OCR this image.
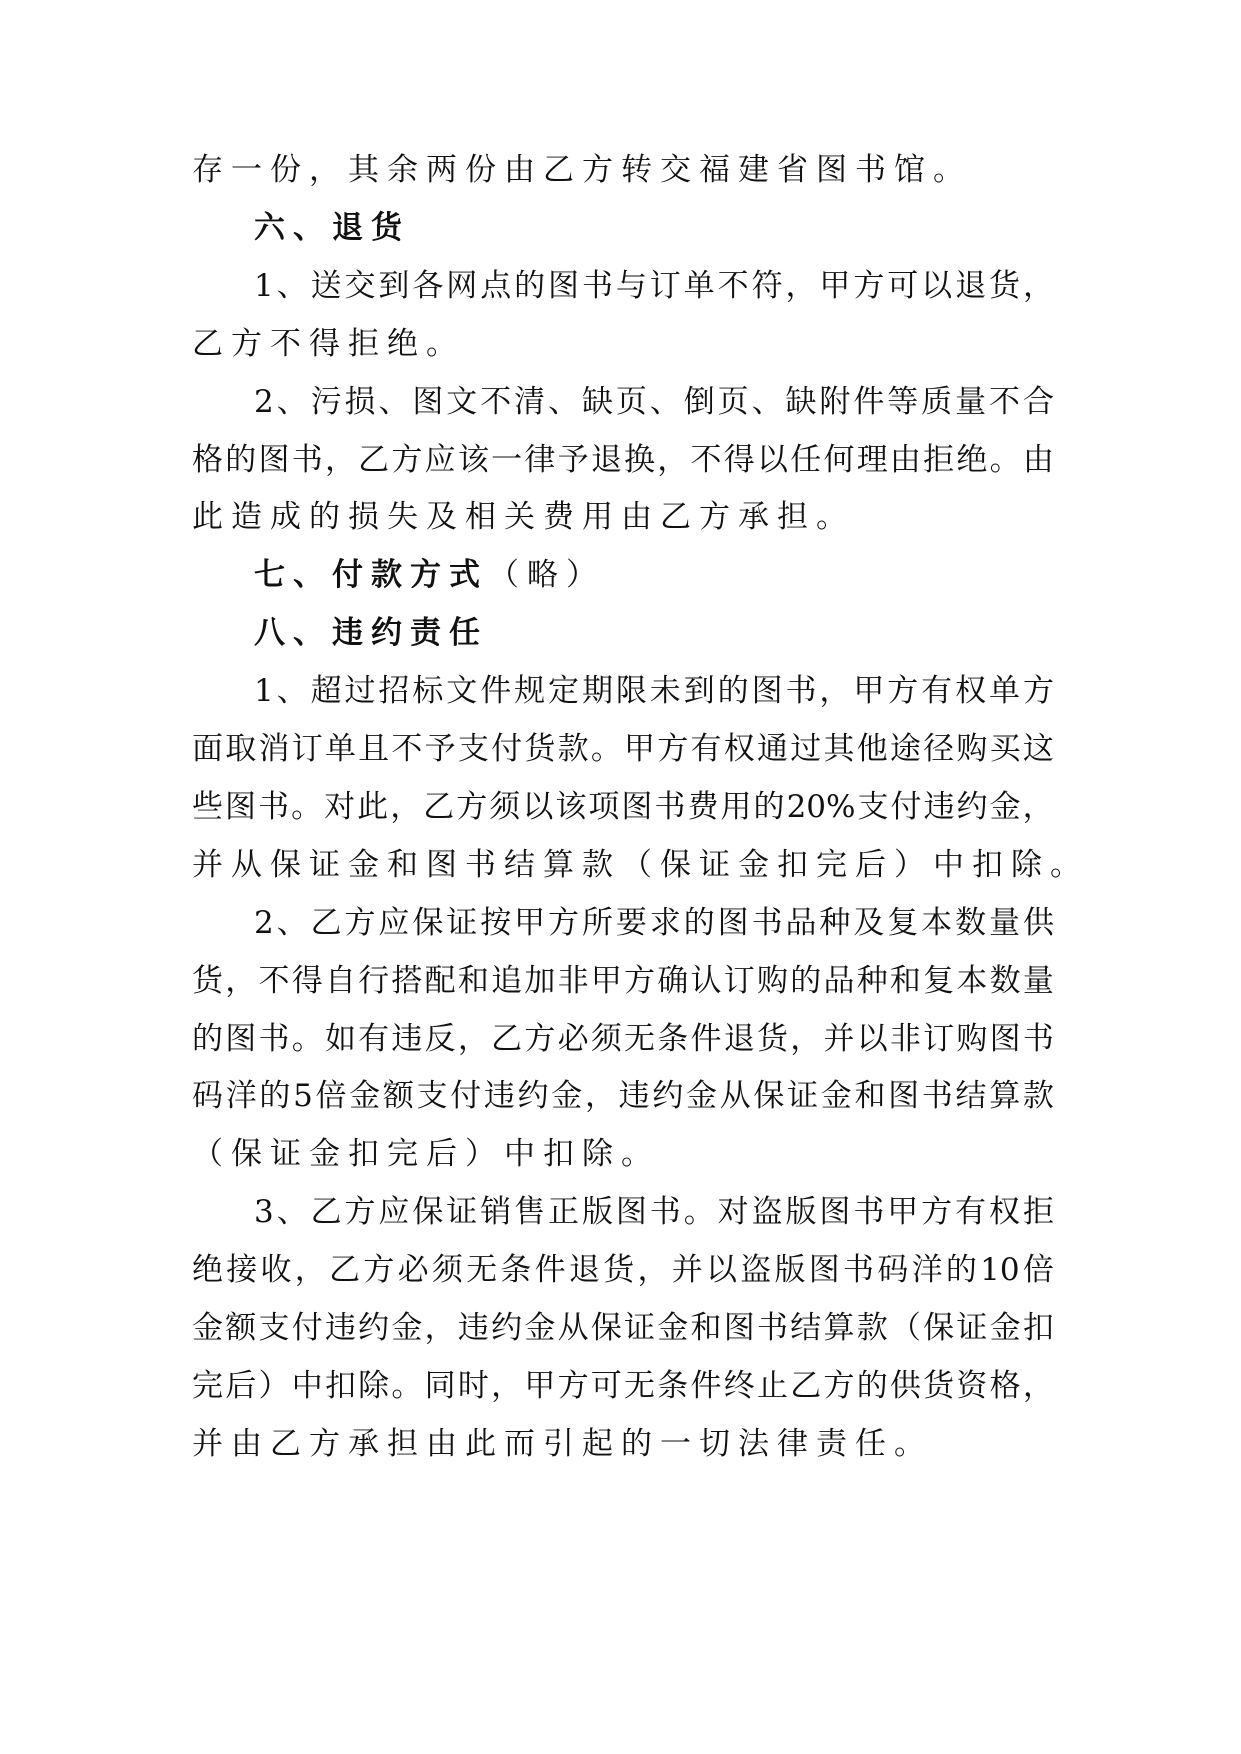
存 一 份 ， 其 余 两 份 由 乙 方 转 交 福 建 省 图 书 馆 。
六 、 退 货
1 、 送 交 到 各 网 点 的 图 书 与 订 单 不 符 ， 甲 方 可 以 退 货 ，
乙 方 不 得 拒 绝 。
2 、 污 损 、 图 文 不 清 、 缺 页 、 倒 页 、 缺 附 件 等 质 量 不 合
格 的 图 书 ， 乙 方 应 该 一 律 予 退 换 ， 不 得 以 任 何 理 由 拒 绝 。 由
此 造 成 的 损 失 及 相 关 费 用 由 乙 方 承 担 。
七 、 付 款 方 式 （ 略 ）
八 、 违 约 责 任
1 、 超 过 招 标 文 件 规 定 期 限 未 到 的 图 书 ， 甲 方 有 权 单 方
面 取 消 订 单 且 不 予 支 付 货 款 。 甲 方 有 权 通 过 其 他 途 径 购 买 这
些 图 书 。 对 此 ， 乙 方 须 以 该 项 图 书 费 用 的 20% 支 付 违 约 金 ，
并 从 保 证 金 和 图 书 结 算 款 （ 保 证 金 扣 完 后 ） 中 扣 除 。
2 、 乙 方 应 保 证 按 甲 方 所 要 求 的 图 书 品 种 及 复 本 数 量 供
货 ， 不 得 自 行 搭 配 和 追 加 非 甲 方 确 认 订 购 的 品 种 和 复 本 数 量
的 图 书 。 如 有 违 反 ， 乙 方 必 须 无 条 件 退 货 ， 并 以 非 订 购 图 书
码 洋 的 5 倍 金 额 支 付 违 约 金 ， 违 约 金 从 保 证 金 和 图 书 结 算 款
（ 保 证 金 扣 完 后 ） 中 扣 除 。
3 、 乙 方 应 保 证 销 售 正 版 图 书 。 对 盗 版 图 书 甲 方 有 权 拒
绝 接 收 ， 乙 方 必 须 无 条 件 退 货 ， 并 以 盗 版 图 书 码 洋 的 10 倍
金 额 支 付 违 约 金 ， 违 约 金 从 保 证 金 和 图 书 结 算 款 （ 保 证 金 扣
完 后 ） 中 扣 除 。 同 时 ， 甲 方 可 无 条 件 终 止 乙 方 的 供 货 资 格 ，
并 由 乙 方 承 担 由 此 而 引 起 的 一 切 法 律 责 任 。
